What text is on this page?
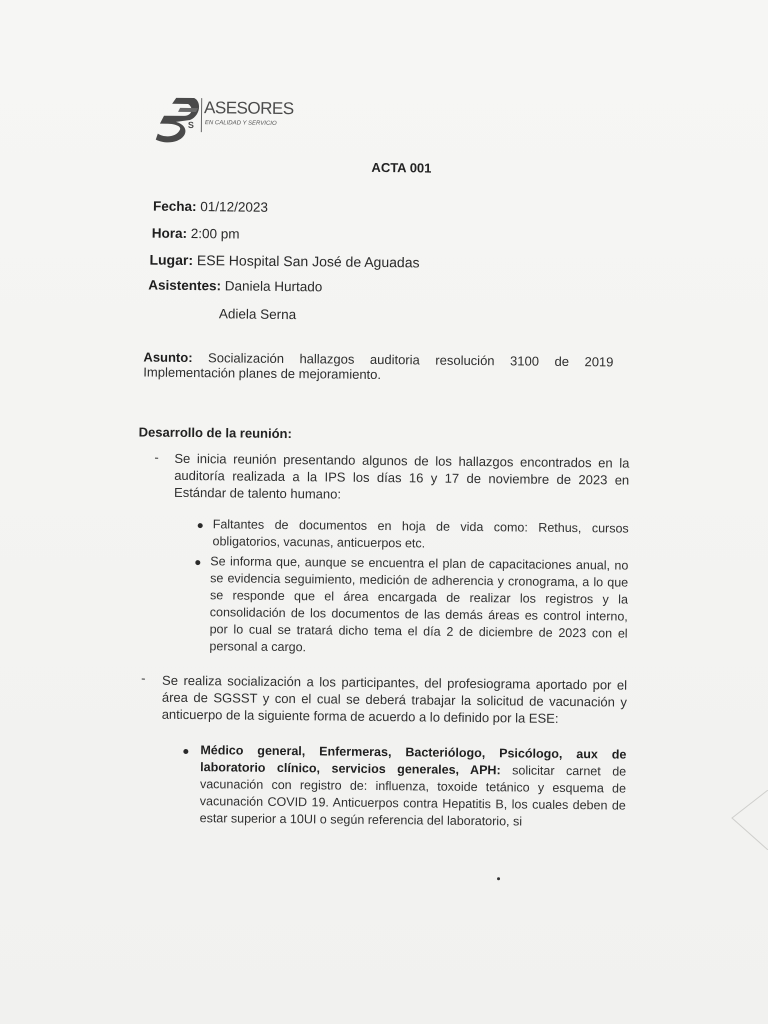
S
ASESORES
EN CALIDAD Y SERVICIO
ACTA 001
Fecha: 01/12/2023
Hora: 2:00 pm
Lugar: ESE Hospital San José de Aguadas
Asistentes: Daniela Hurtado
Adiela Serna
Asunto: Socialización hallazgos auditoria resolución 3100 de 2019
Implementación planes de mejoramiento.
Desarrollo de la reunión:
- Se inicia reunión presentando algunos de los hallazgos encontrados en la auditoría realizada a la IPS los días 16 y 17 de noviembre de 2023 en Estándar de talento humano:
Faltantes de documentos en hoja de vida como: Rethus, cursos obligatorios, vacunas, anticuerpos etc.
Se informa que, aunque se encuentra el plan de capacitaciones anual, no se evidencia seguimiento, medición de adherencia y cronograma, a lo que se responde que el área encargada de realizar los registros y la consolidación de los documentos de las demás áreas es control interno, por lo cual se tratará dicho tema el día 2 de diciembre de 2023 con el personal a cargo.
- Se realiza socialización a los participantes, del profesiograma aportado por el área de SGSST y con el cual se deberá trabajar la solicitud de vacunación y anticuerpo de la siguiente forma de acuerdo a lo definido por la ESE:
Médico general, Enfermeras, Bacteriólogo, Psicólogo, aux de laboratorio clínico, servicios generales, APH: solicitar carnet de vacunación con registro de: influenza, toxoide tetánico y esquema de vacunación COVID 19. Anticuerpos contra Hepatitis B, los cuales deben de estar superior a 10UI o según referencia del laboratorio, si
